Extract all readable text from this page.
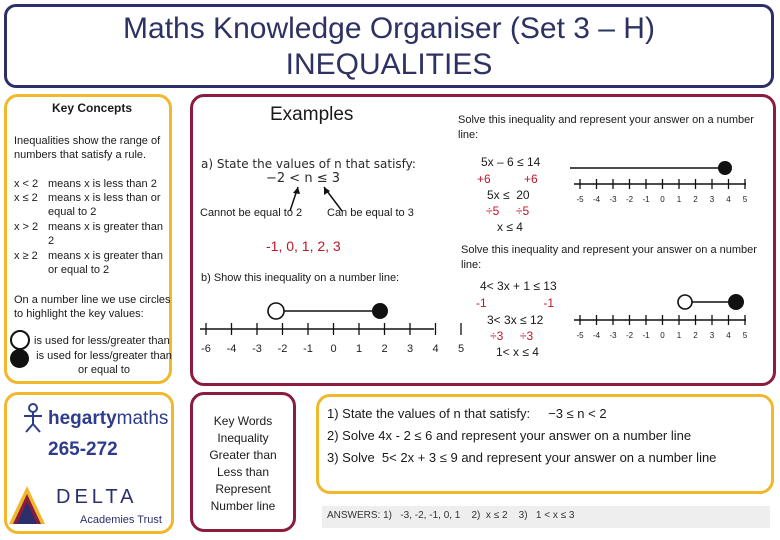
Maths Knowledge Organiser (Set 3 – H)
INEQUALITIES
Key Concepts
Inequalities show the range of numbers that satisfy a rule.
x < 2 means x is less than 2
x ≤ 2 means x is less than or equal to 2
x > 2 means x is greater than 2
x ≥ 2 means x is greater than or equal to 2
On a number line we use circles to highlight the key values:
is used for less/greater than
is used for less/greater than or equal to
Examples
a) State the values of n that satisfy:
−2 < n ≤ 3
Cannot be equal to 2 Can be equal to 3
-1, 0, 1, 2, 3
b) Show this inequality on a number line:
-6 -4 -3 -2 -1 0 1 2 3 4 5
Solve this inequality and represent your answer on a number line:
5x – 6 ≤ 14
+6          +6
5x ≤  20
÷5     ÷5
x ≤ 4
-5 -4 -3 -2 -1 0 1 2 3 4 5
Solve this inequality and represent your answer on a number line:
4< 3x + 1 ≤ 13
-1                 -1
3< 3x ≤ 12
÷3     ÷3
1< x ≤ 4
-5 -4 -3 -2 -1 0 1 2 3 4 5
hegartymaths
265-272
DELTA
Academies Trust
Key Words
Inequality
Greater than
Less than
Represent
Number line
1) State the values of n that satisfy:     −3 ≤ n < 2
2) Solve 4x - 2 ≤ 6 and represent your answer on a number line
3) Solve  5< 2x + 3 ≤ 9 and represent your answer on a number line
ANSWERS: 1)   -3, -2, -1, 0, 1    2)  x ≤ 2    3)   1 < x ≤ 3
